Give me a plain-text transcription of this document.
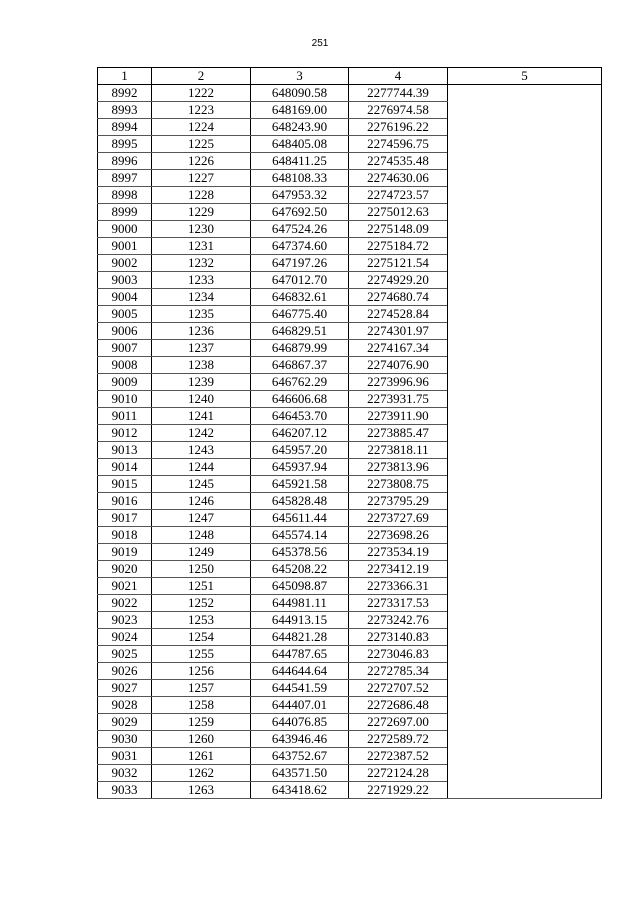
251
1	2	3	4	5
8992	1222	648090.58	2277744.39	
8993	1223	648169.00	2276974.58	
8994	1224	648243.90	2276196.22	
8995	1225	648405.08	2274596.75	
8996	1226	648411.25	2274535.48	
8997	1227	648108.33	2274630.06	
8998	1228	647953.32	2274723.57	
8999	1229	647692.50	2275012.63	
9000	1230	647524.26	2275148.09	
9001	1231	647374.60	2275184.72	
9002	1232	647197.26	2275121.54	
9003	1233	647012.70	2274929.20	
9004	1234	646832.61	2274680.74	
9005	1235	646775.40	2274528.84	
9006	1236	646829.51	2274301.97	
9007	1237	646879.99	2274167.34	
9008	1238	646867.37	2274076.90	
9009	1239	646762.29	2273996.96	
9010	1240	646606.68	2273931.75	
9011	1241	646453.70	2273911.90	
9012	1242	646207.12	2273885.47	
9013	1243	645957.20	2273818.11	
9014	1244	645937.94	2273813.96	
9015	1245	645921.58	2273808.75	
9016	1246	645828.48	2273795.29	
9017	1247	645611.44	2273727.69	
9018	1248	645574.14	2273698.26	
9019	1249	645378.56	2273534.19	
9020	1250	645208.22	2273412.19	
9021	1251	645098.87	2273366.31	
9022	1252	644981.11	2273317.53	
9023	1253	644913.15	2273242.76	
9024	1254	644821.28	2273140.83	
9025	1255	644787.65	2273046.83	
9026	1256	644644.64	2272785.34	
9027	1257	644541.59	2272707.52	
9028	1258	644407.01	2272686.48	
9029	1259	644076.85	2272697.00	
9030	1260	643946.46	2272589.72	
9031	1261	643752.67	2272387.52	
9032	1262	643571.50	2272124.28	
9033	1263	643418.62	2271929.22	
